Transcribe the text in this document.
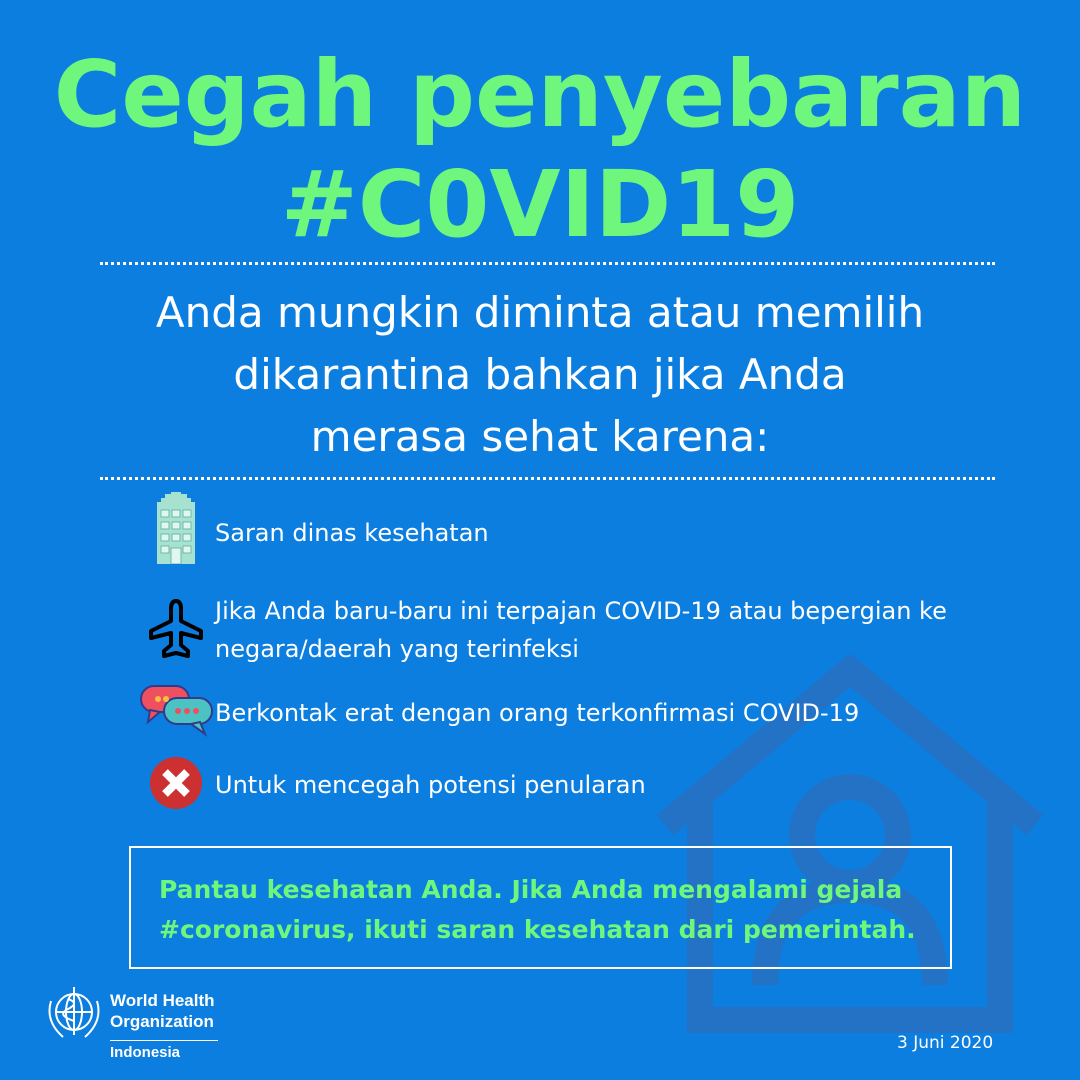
Cegah penyebaran
#C0VID19
Anda mungkin diminta atau memilih
dikarantina bahkan jika Anda
merasa sehat karena:
Saran dinas kesehatan
Jika Anda baru-baru ini terpajan COVID-19 atau bepergian ke negara/daerah yang terinfeksi
Berkontak erat dengan orang terkonfirmasi COVID-19
Untuk mencegah potensi penularan
Pantau kesehatan Anda. Jika Anda mengalami gejala #coronavirus, ikuti saran kesehatan dari pemerintah.
World Health
Organization
Indonesia	3 Juni 2020
